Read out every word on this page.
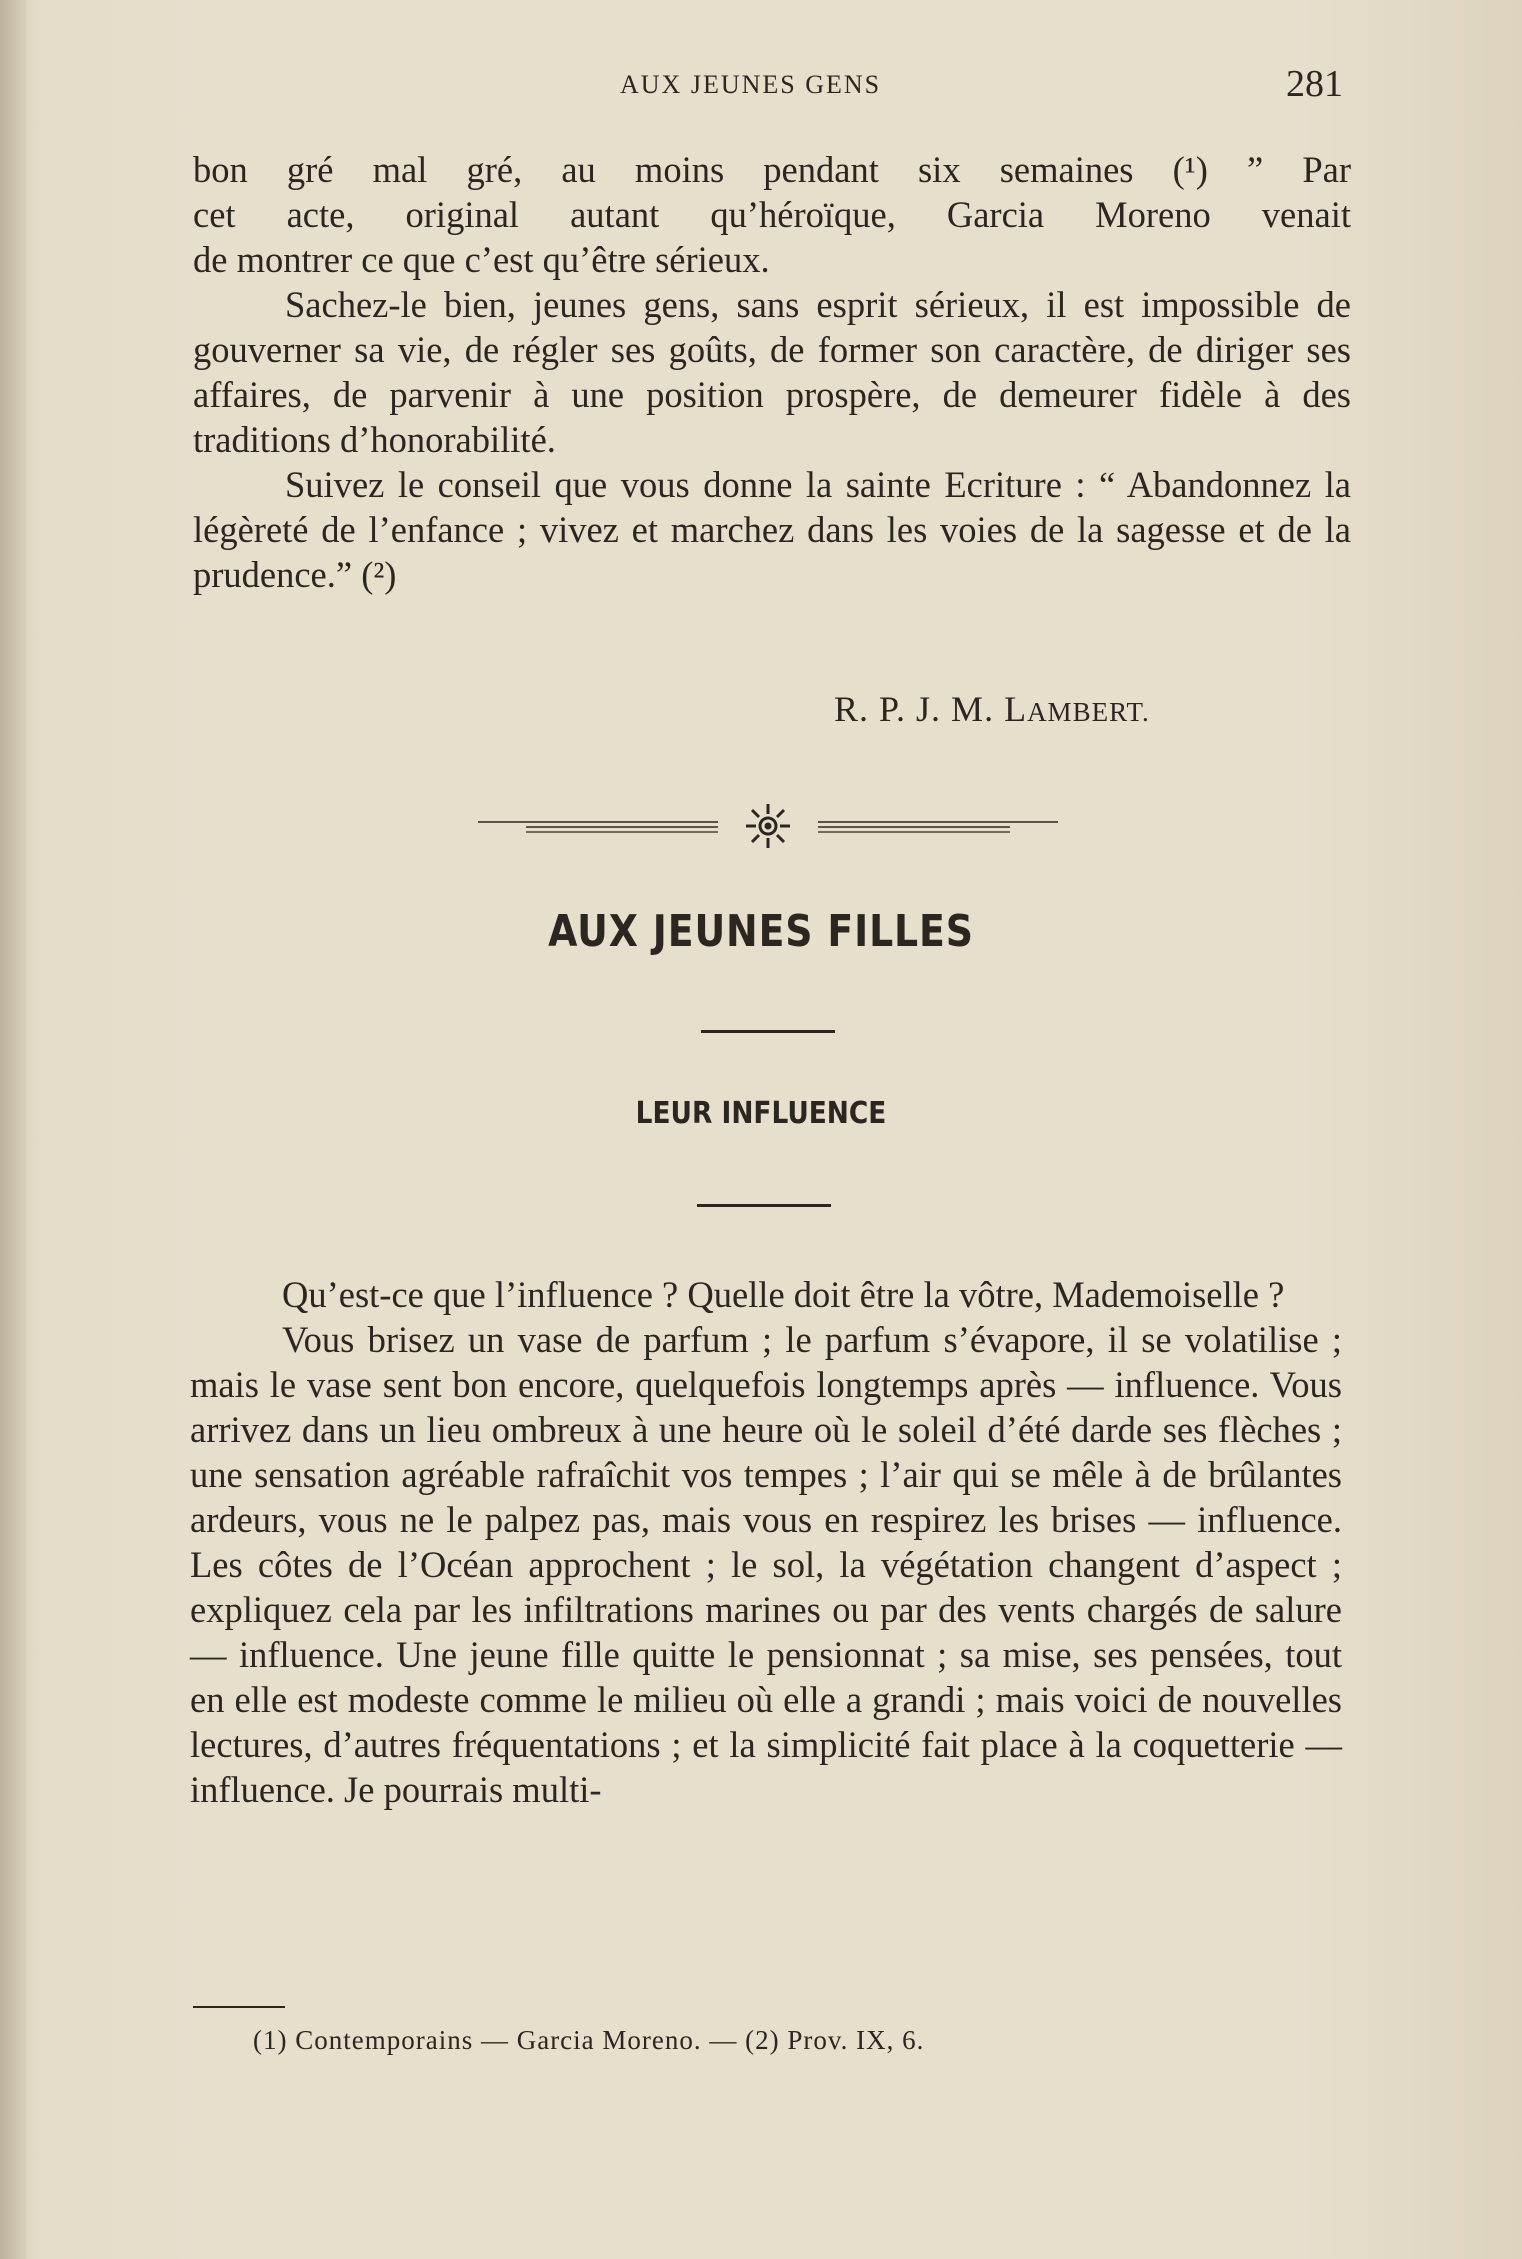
AUX JEUNES GENS	281

bon gré mal gré, au moins pendant six semaines (¹) ” Par

cet acte, original autant qu’héroïque, Garcia Moreno venait

de montrer ce que c’est qu’être sérieux.

Sachez-le bien, jeunes gens, sans esprit sérieux, il est impossible de gouverner sa vie, de régler ses goûts, de former son caractère, de diriger ses affaires, de parvenir à une position prospère, de demeurer fidèle à des traditions d’honorabilité.

Suivez le conseil que vous donne la sainte Ecriture : “ Abandonnez la légèreté de l’enfance ; vivez et marchez dans les voies de la sagesse et de la prudence.” (²)

R. P. J. M. LAMBERT.
AUX JEUNES FILLES
LEUR INFLUENCE

Qu’est-ce que l’influence ? Quelle doit être la vôtre, Mademoiselle ?

Vous brisez un vase de parfum ; le parfum s’évapore, il se volatilise ; mais le vase sent bon encore, quelquefois longtemps après — influence. Vous arrivez dans un lieu ombreux à une heure où le soleil d’été darde ses flèches ; une sensation agréable rafraîchit vos tempes ; l’air qui se mêle à de brûlantes ardeurs, vous ne le palpez pas, mais vous en respirez les brises — influence. Les côtes de l’Océan approchent ; le sol, la végétation changent d’aspect ; expliquez cela par les infiltrations marines ou par des vents chargés de salure — influence. Une jeune fille quitte le pensionnat ; sa mise, ses pensées, tout en elle est modeste comme le milieu où elle a grandi ; mais voici de nouvelles lectures, d’autres fréquentations ; et la simplicité fait place à la coquetterie — influence. Je pourrais multi-

(1) Contemporains — Garcia Moreno. — (2) Prov. IX, 6.
